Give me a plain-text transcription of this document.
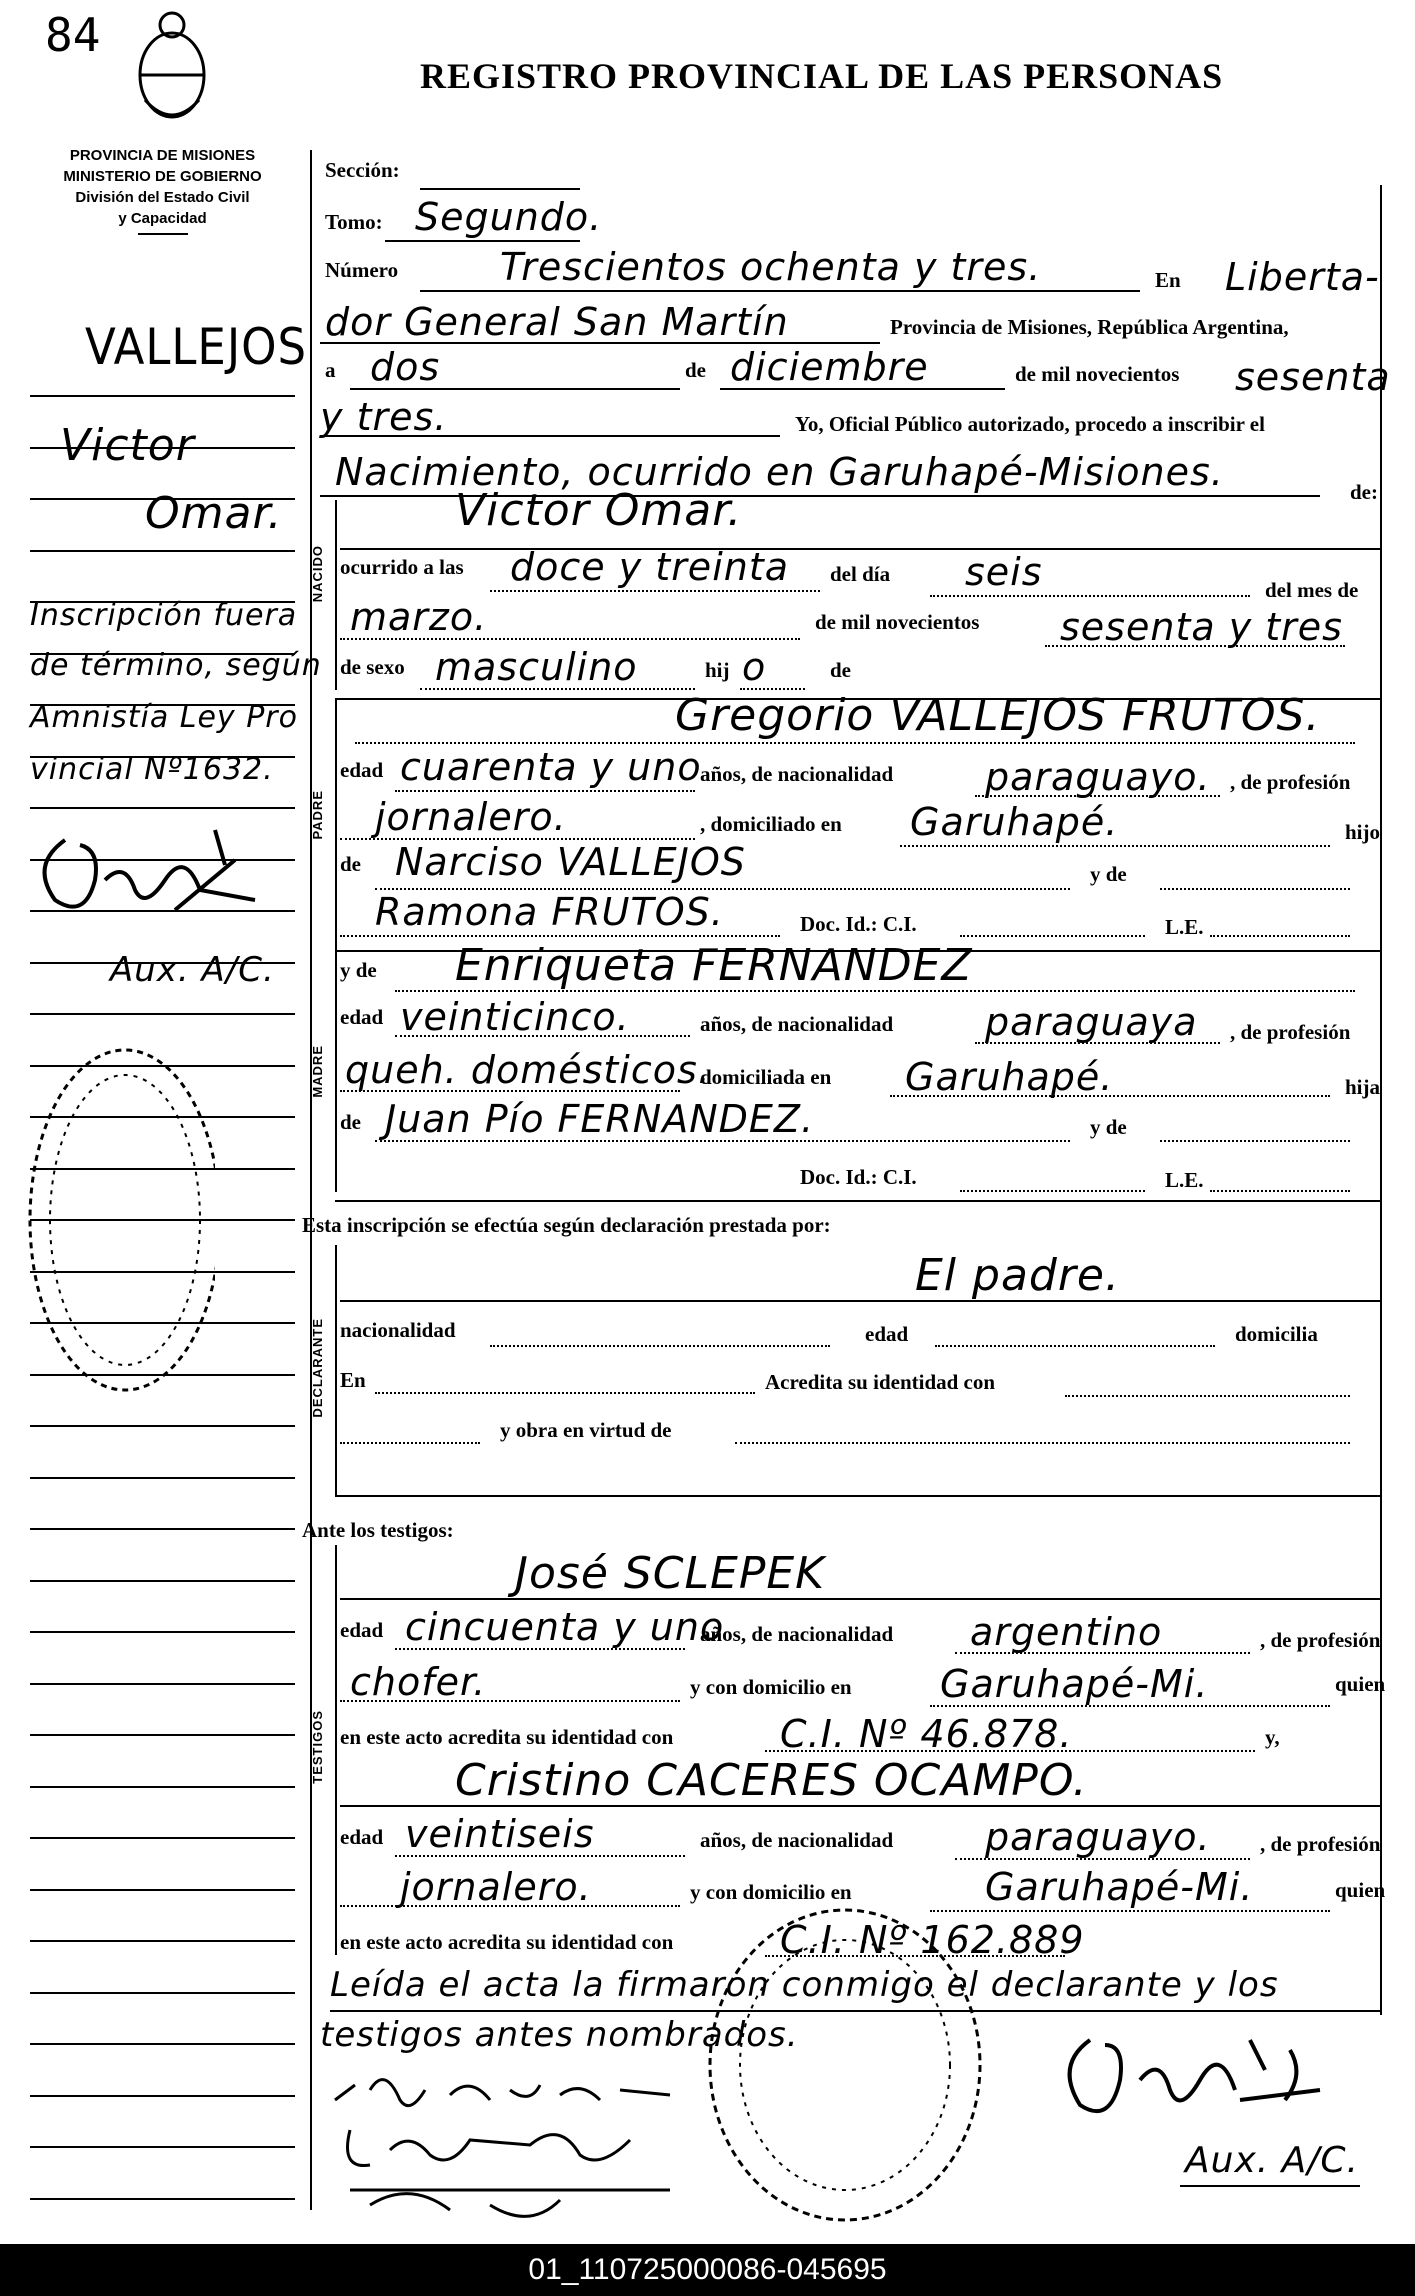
84
REGISTRO PROVINCIAL DE LAS PERSONAS
PROVINCIA DE MISIONES
MINISTERIO DE GOBIERNO
División del Estado Civil
y Capacidad
VALLEJOS
Victor
Omar.
Inscripción fuera
de término, según
Amnistía Ley Pro
vincial Nº1632.
Aux. A/C.
Sección:
Tomo: Segundo.
Número	Trescientos ochenta y tres.	En Liberta-
dor General San Martín	Provincia de Misiones, República Argentina,
a dos	de diciembre	de mil novecientos sesenta
y tres.	Yo, Oficial Público autorizado, procedo a inscribir el
Nacimiento, ocurrido en Garuhapé-Misiones.	de:
NACIDO
Victor Omar.
ocurrido a las doce y treinta del día seis	del mes de
marzo.	de mil novecientos sesenta y tres
de sexo masculino	hij o	de
PADRE
Gregorio VALLEJOS FRUTOS.
edad cuarenta y uno
años, de nacionalidad paraguayo. , de profesión
jornalero.	, domiciliado en Garuhapé.	hijo
de Narciso VALLEJOS	y de
Ramona FRUTOS.	Doc. Id.: C.I.	L.E.
MADRE
y de Enriqueta FERNANDEZ
edad veinticinco.	años, de nacionalidad paraguaya , de profesión
queh. domésticos.
domiciliada en Garuhapé.	hija
de Juan Pío FERNANDEZ.	y de
Doc. Id.: C.I.	L.E.
Esta inscripción se efectúa según declaración prestada por:
DECLARANTE
El padre.
nacionalidad	edad	domicilia
En	Acredita su identidad con
y obra en virtud de
Ante los testigos:
TESTIGOS
José SCLEPEK
edad cincuenta y uno
años, de nacionalidad argentino	, de profesión
chofer.	y con domicilio en Garuhapé-Mi.	quien
en este acto acredita su identidad con	C.I. Nº 46.878.	y,
Cristino CACERES OCAMPO.
edad veintiseis	años, de nacionalidad paraguayo. , de profesión
jornalero.	y con domicilio en	Garuhapé-Mi.	quien
en este acto acredita su identidad con	C.I. Nº 162.889
Leída el acta la firmaron conmigo el declarante y los
testigos antes nombrados.
Aux. A/C.
01_110725000086-045695
